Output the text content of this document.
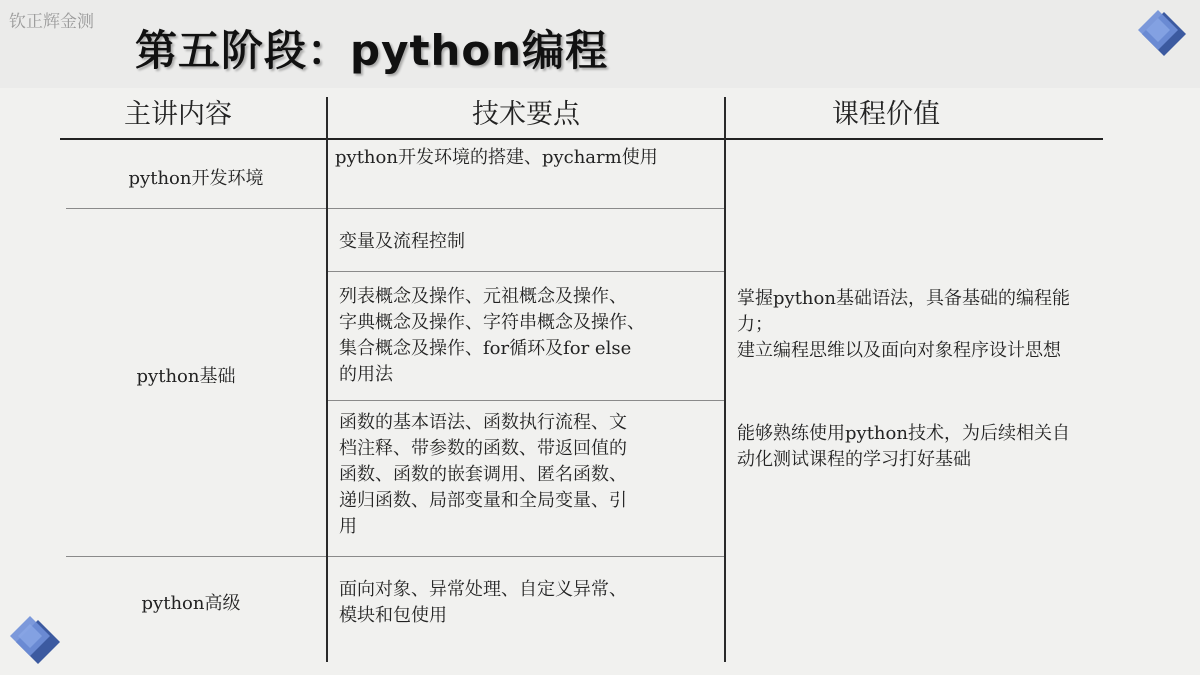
钦正辉金测
第五阶段：python编程
主讲内容	技术要点	课程价值
python开发环境
python基础
python高级
python开发环境的搭建、pycharm使用
变量及流程控制
列表概念及操作、元祖概念及操作、
字典概念及操作、字符串概念及操作、
集合概念及操作、for循环及for else
的用法
函数的基本语法、函数执行流程、文
档注释、带参数的函数、带返回值的
函数、函数的嵌套调用、匿名函数、
递归函数、局部变量和全局变量、引
用
面向对象、异常处理、自定义异常、
模块和包使用
掌握python基础语法，具备基础的编程能
力；
建立编程思维以及面向对象程序设计思想
能够熟练使用python技术，为后续相关自
动化测试课程的学习打好基础
